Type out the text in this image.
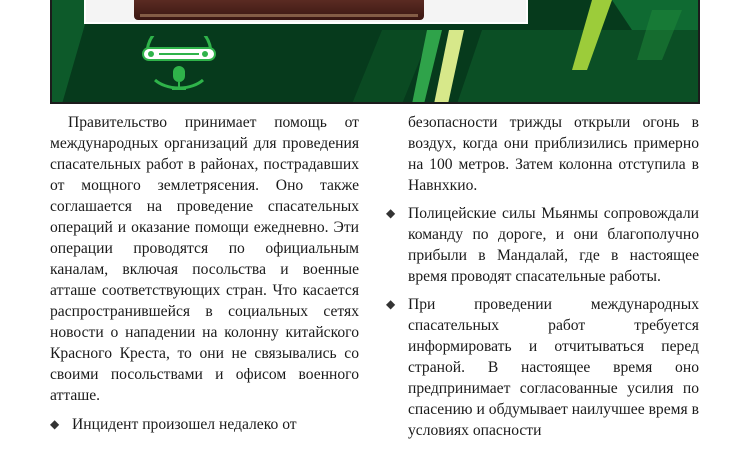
Правительство принимает помощь от международных организаций для проведения спасательных работ в районах, пострадавших от мощного землетрясения. Оно также соглашается на проведение спасательных операций и оказание помощи ежедневно. Эти операции проводятся по официальным каналам, включая посольства и военные атташе соответствующих стран. Что касается распространившейся в социальных сетях новости о нападении на колонну китайского Красного Креста, то они не связывались со своими посольствами и офисом военного атташе.

◆ Инцидент произошел недалеко от
безопасности трижды открыли огонь в воздух, когда они приблизились примерно на 100 метров. Затем колонна отступила в Навнхкио.
◆ Полицейские силы Мьянмы сопровождали команду по дороге, и они благополучно прибыли в Мандалай, где в настоящее время проводят спасательные работы.
◆ При проведении международных спасательных работ требуется информировать и отчитываться перед страной. В настоящее время оно предпринимает согласованные усилия по спасению и обдумывает наилучшее время в условиях опасности
